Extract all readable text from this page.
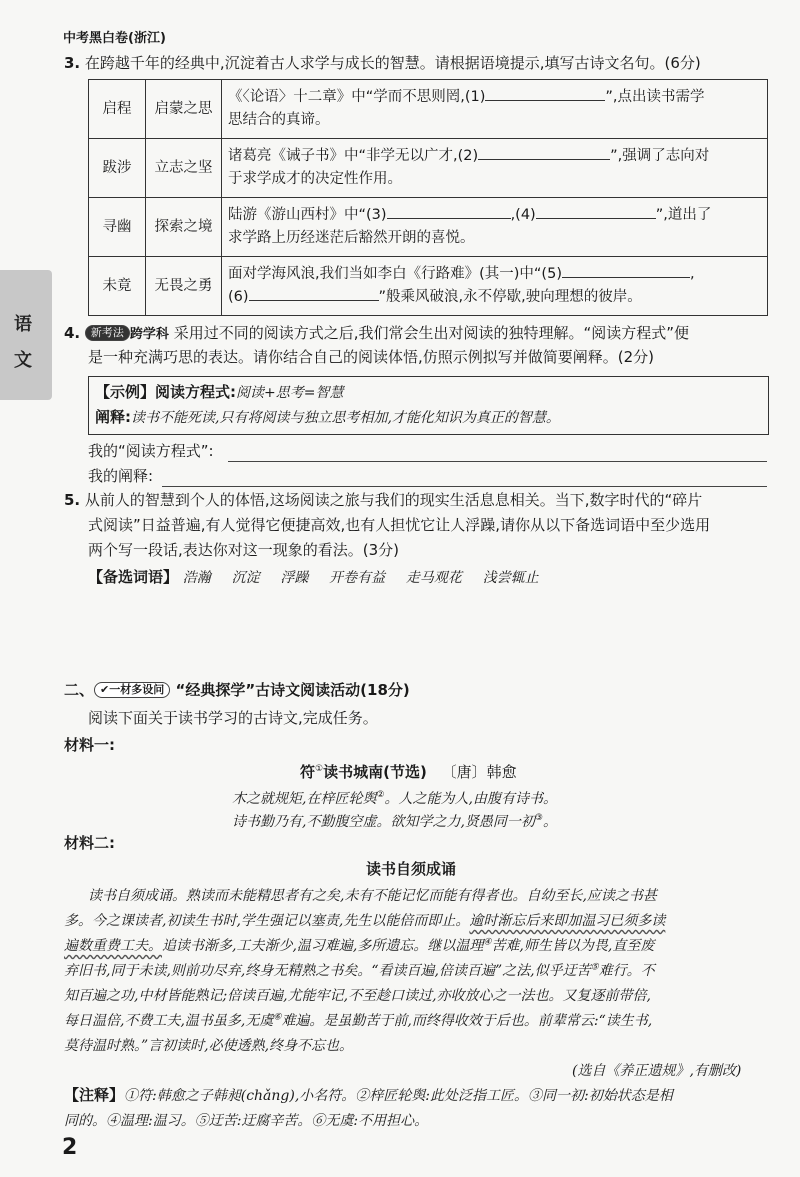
中考黑白卷(浙江)
语
文
3. 在跨越千年的经典中,沉淀着古人求学与成长的智慧。请根据语境提示,填写古诗文名句。(6分)
启程	启蒙之思	《〈论语〉十二章》中“学而不思则罔,(1) ”,点出读书需学
思结合的真谛。

跋涉	立志之坚	诸葛亮《诫子书》中“非学无以广才,(2) ”,强调了志向对
于求学成才的决定性作用。

寻幽	探索之境	陆游《游山西村》中“(3) ,(4) ”,道出了
求学路上历经迷茫后豁然开朗的喜悦。

未竟	无畏之勇	面对学海风浪,我们当如李白《行路难》(其一)中“(5) ,
(6) ”般乘风破浪,永不停歇,驶向理想的彼岸。
4. 新考法 跨学科 采用过不同的阅读方式之后,我们常会生出对阅读的独特理解。“阅读方程式”便
是一种充满巧思的表达。请你结合自己的阅读体悟,仿照示例拟写并做简要阐释。(2分)
【示例】阅读方程式:阅读+思考=智慧
阐释:读书不能死读,只有将阅读与独立思考相加,才能化知识为真正的智慧。
我的“阅读方程式”:
我的阐释:
5. 从前人的智慧到个人的体悟,这场阅读之旅与我们的现实生活息息相关。当下,数字时代的“碎片
式阅读”日益普遍,有人觉得它便捷高效,也有人担忧它让人浮躁,请你从以下备选词语中至少选用
两个写一段话,表达你对这一现象的看法。(3分)
【备选词语】 浩瀚 沉淀 浮躁 开卷有益 走马观花 浅尝辄止
二、 ✔一材多设问 “经典探学”古诗文阅读活动(18分)
阅读下面关于读书学习的古诗文,完成任务。
材料一:
符①读书城南(节选) 〔唐〕韩愈
木之就规矩,在梓匠轮舆②。人之能为人,由腹有诗书。
诗书勤乃有,不勤腹空虚。欲知学之力,贤愚同一初③。
材料二:
读书自须成诵
读书自须成诵。熟读而未能精思者有之矣,未有不能记忆而能有得者也。自幼至长,应读之书甚
多。今之课读者,初读生书时,学生强记以塞责,先生以能倍而即止。逾时渐忘后来即加温习已须多读
遍数重费工夫。追读书渐多,工夫渐少,温习难遍,多所遗忘。继以温理④苦难,师生皆以为畏,直至废
弃旧书,同于未读,则前功尽弃,终身无精熟之书矣。“看读百遍,倍读百遍”之法,似乎迂苦⑤难行。不
知百遍之功,中材皆能熟记;倍读百遍,尤能牢记,不至趁口读过,亦收放心之一法也。又复逐前带倍,
每日温倍,不费工夫,温书虽多,无虞⑥难遍。是虽勤苦于前,而终得收效于后也。前辈常云:“读生书,
莫待温时熟。”言初读时,必使透熟,终身不忘也。
(选自《养正遗规》,有删改)
【注释】①符:韩愈之子韩昶(chǎng),小名符。②梓匠轮舆:此处泛指工匠。③同一初:初始状态是相
同的。④温理:温习。⑤迂苦:迂腐辛苦。⑥无虞:不用担心。
2
